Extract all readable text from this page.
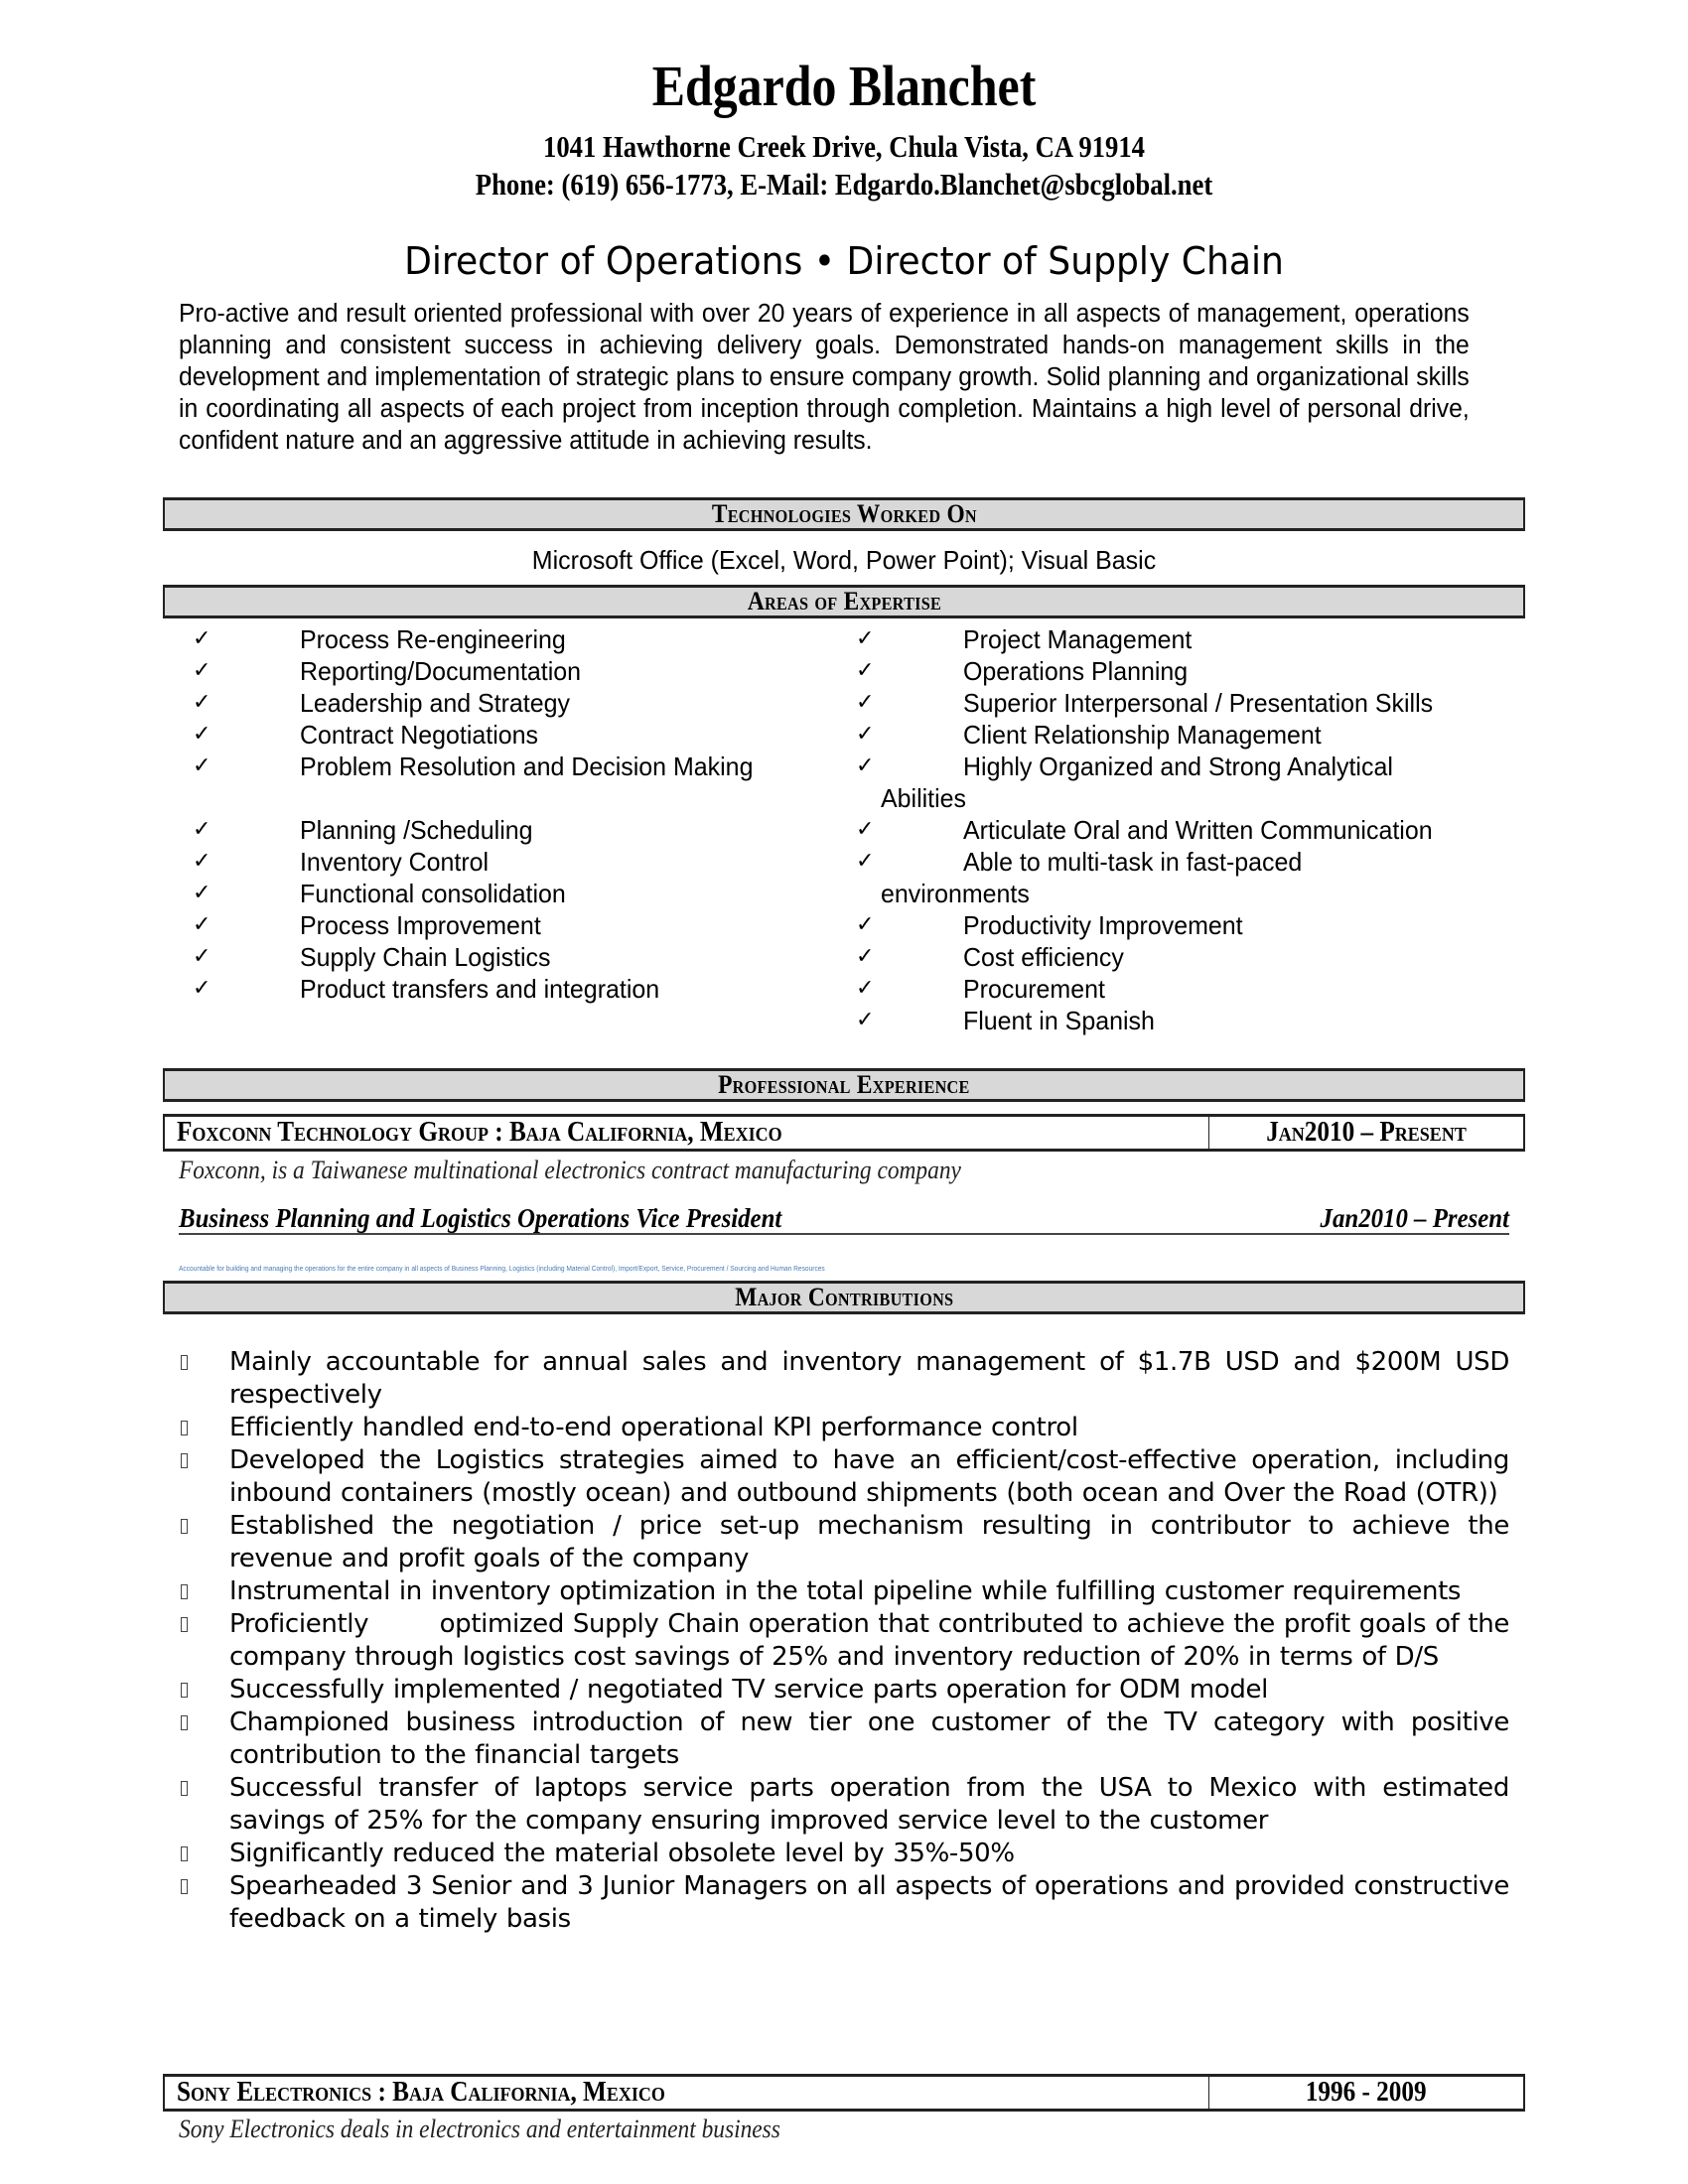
Edgardo Blanchet
1041 Hawthorne Creek Drive, Chula Vista, CA 91914
Phone: (619) 656-1773, E-Mail: Edgardo.Blanchet@sbcglobal.net
Director of Operations • Director of Supply Chain
Pro-active and result oriented professional with over 20 years of experience in all aspects of management, operations planning and consistent success in achieving delivery goals. Demonstrated hands-on management skills in the development and implementation of strategic plans to ensure company growth. Solid planning and organizational skills in coordinating all aspects of each project from inception through completion. Maintains a high level of personal drive, confident nature and an aggressive attitude in achieving results.
Technologies Worked On
Microsoft Office (Excel, Word, Power Point); Visual Basic
Areas of Expertise
✓	Process Re-engineering
✓	Reporting/Documentation
✓	Leadership and Strategy
✓	Contract Negotiations
✓	Problem Resolution and Decision Making
✓	Planning /Scheduling
✓	Inventory Control
✓	Functional consolidation
✓	Process Improvement
✓	Supply Chain Logistics
✓	Product transfers and integration
✓	Project Management
✓	Operations Planning
✓	Superior Interpersonal / Presentation Skills
✓	Client Relationship Management
✓	Highly Organized and Strong Analytical
Abilities
✓	Articulate Oral and Written Communication
✓	Able to multi-task in fast-paced
environments
✓	Productivity Improvement
✓	Cost efficiency
✓	Procurement
✓	Fluent in Spanish
Professional Experience
Foxconn Technology Group : Baja California, Mexico	Jan2010 – Present
Foxconn, is a Taiwanese multinational electronics contract manufacturing company
Business Planning and Logistics Operations Vice President	Jan2010 – Present
Accountable for building and managing the operations for the entire company in all aspects of Business Planning, Logistics (including Material Control), Import/Export, Service, Procurement / Sourcing and Human Resources
Major Contributions
Mainly accountable for annual sales and inventory management of $1.7B USD and $200M USD respectively
Efficiently handled end-to-end operational KPI performance control
Developed the Logistics strategies aimed to have an efficient/cost-effective operation, including inbound containers (mostly ocean) and outbound shipments (both ocean and Over the Road (OTR))
Established the negotiation / price set-up mechanism resulting in contributor to achieve the revenue and profit goals of the company
Instrumental in inventory optimization in the total pipeline while fulfilling customer requirements
Proficiently        optimized Supply Chain operation that contributed to achieve the profit goals of the company through logistics cost savings of 25% and inventory reduction of 20% in terms of D/S
Successfully implemented / negotiated TV service parts operation for ODM model
Championed business introduction of new tier one customer of the TV category with positive contribution to the financial targets
Successful transfer of laptops service parts operation from the USA to Mexico with estimated savings of 25% for the company ensuring improved service level to the customer
Significantly reduced the material obsolete level by 35%-50%
Spearheaded 3 Senior and 3 Junior Managers on all aspects of operations and provided constructive feedback on a timely basis
Sony Electronics : Baja California, Mexico	1996 - 2009
Sony Electronics deals in electronics and entertainment business
